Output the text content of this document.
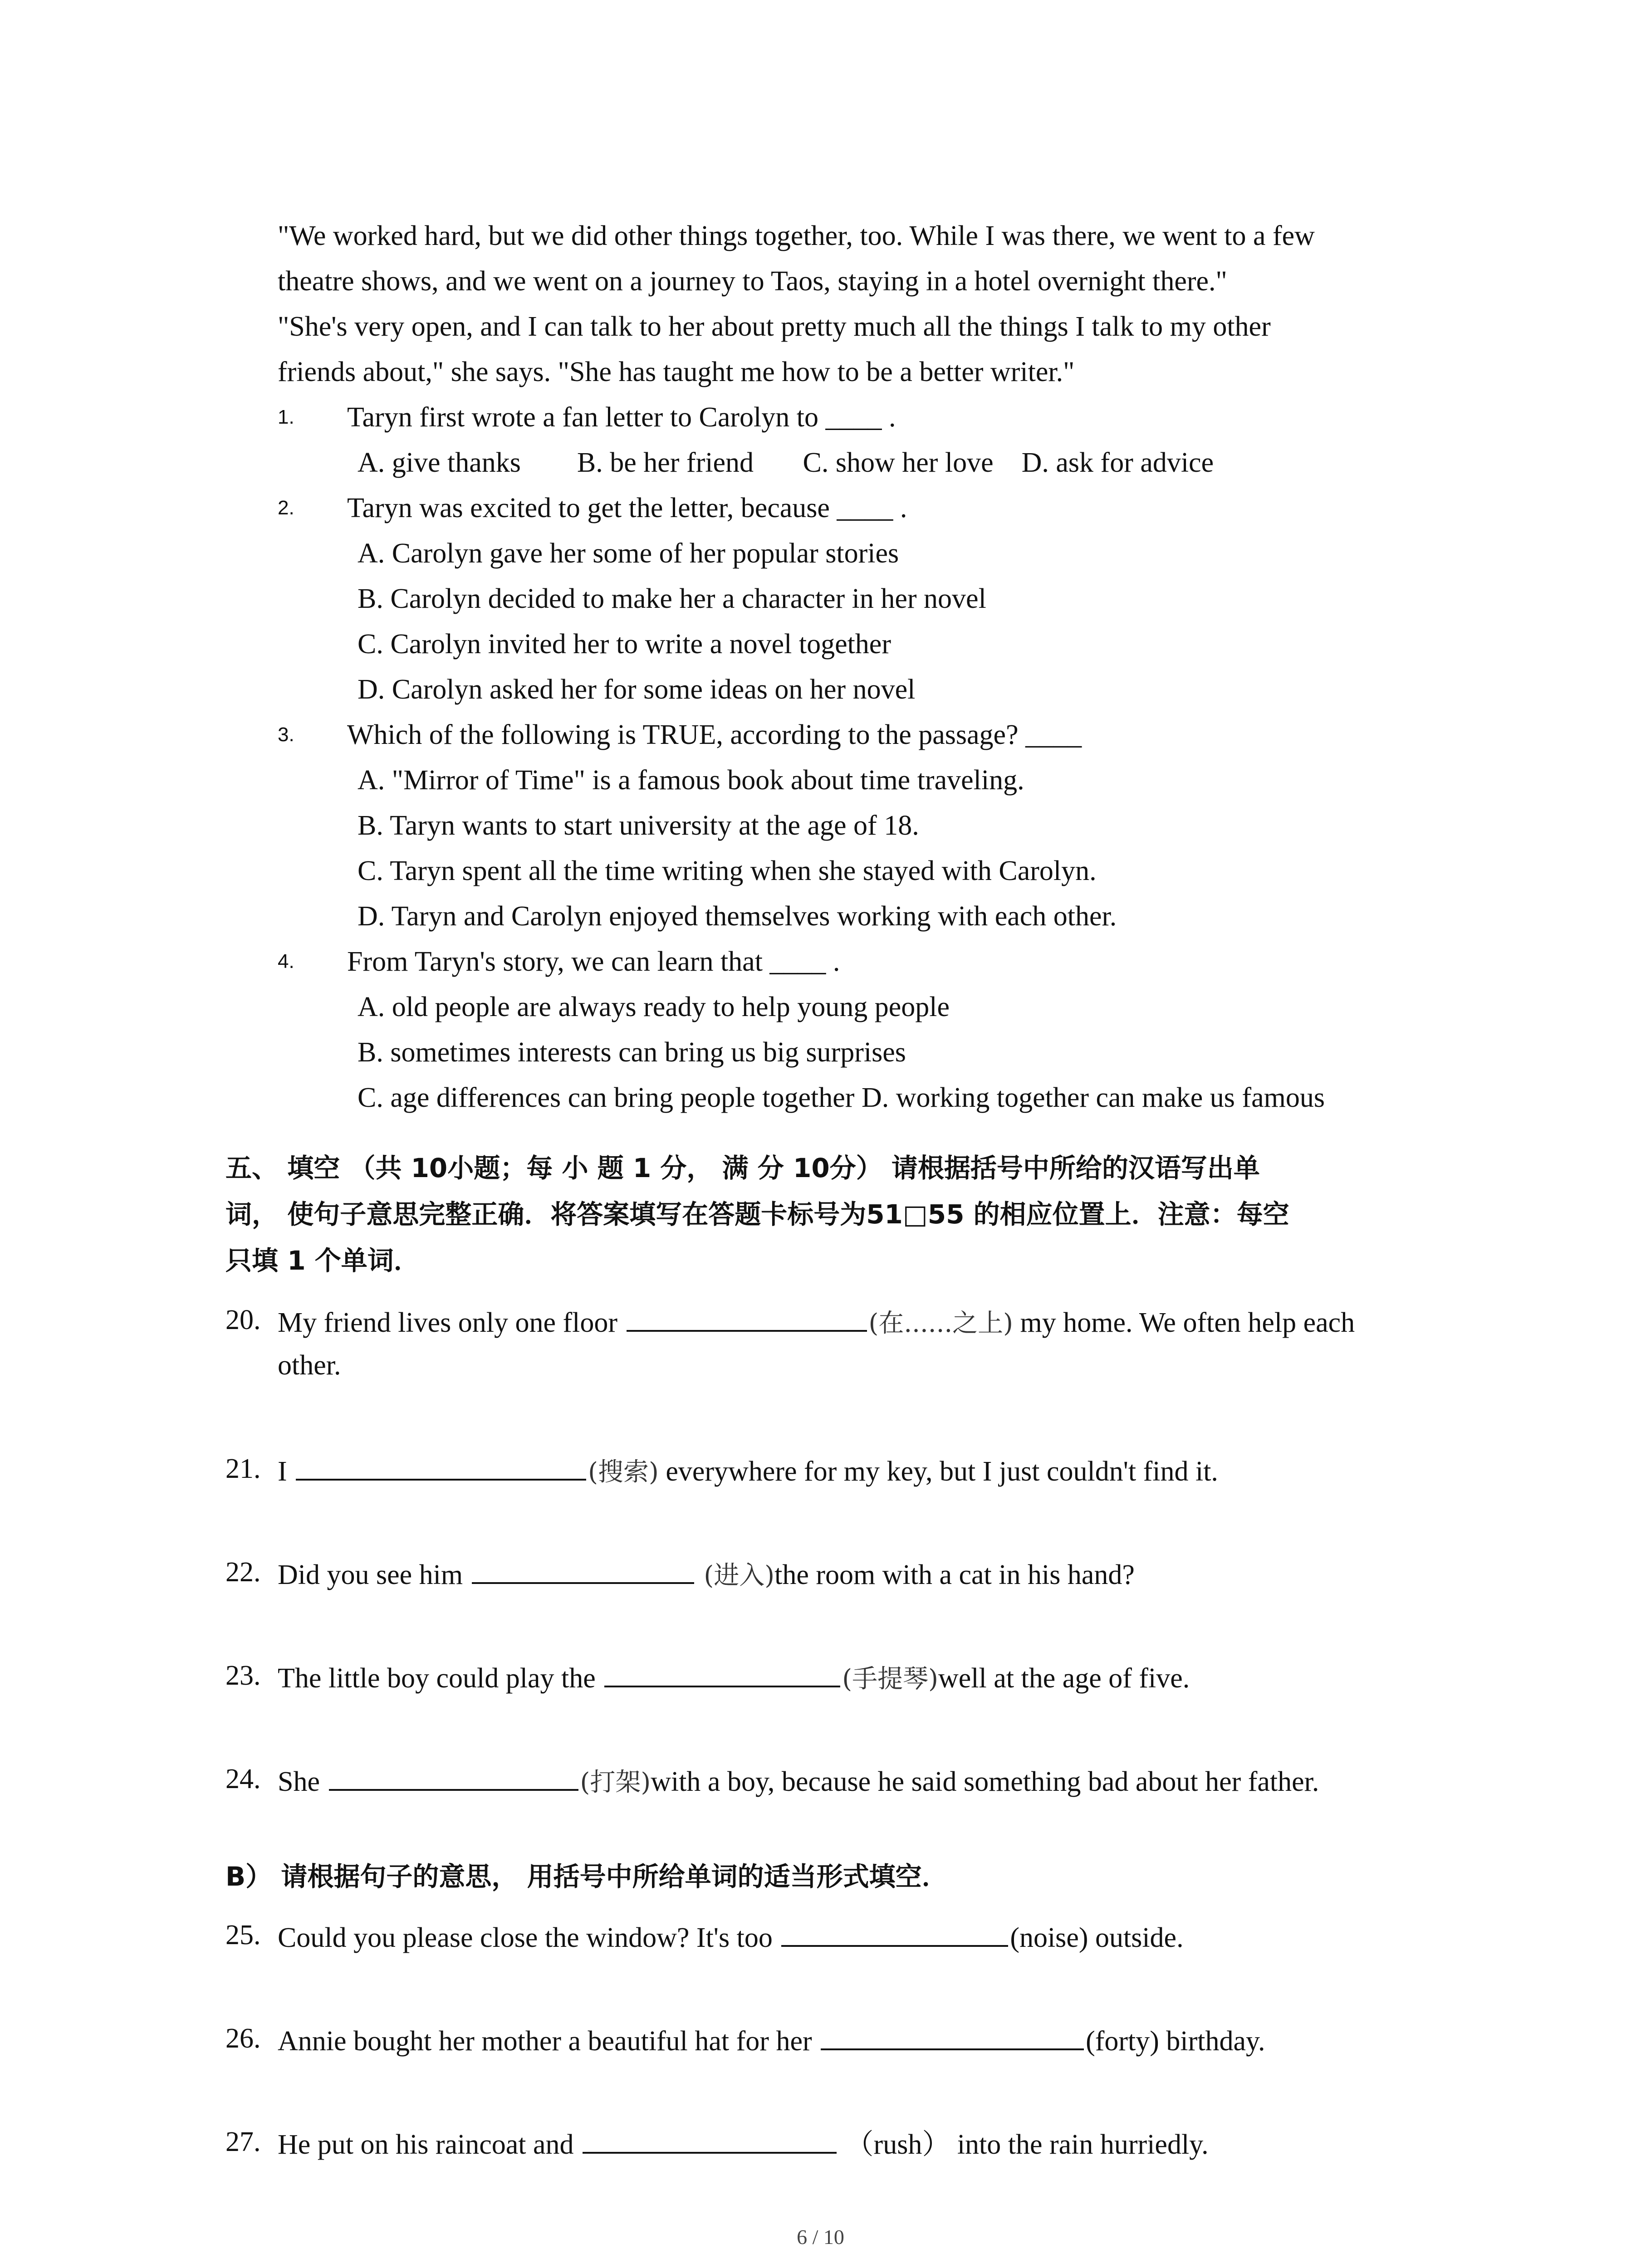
"We worked hard, but we did other things together, too. While I was there, we went to a few
theatre shows, and we went on a journey to Taos, staying in a hotel overnight there."
"She's very open, and I can talk to her about pretty much all the things I talk to my other
friends about," she says. "She has taught me how to be a better writer."
1. Taryn first wrote a fan letter to Carolyn to ____ .
A. give thanks        B. be her friend       C. show her love    D. ask for advice
2. Taryn was excited to get the letter, because ____ .
A. Carolyn gave her some of her popular stories
B. Carolyn decided to make her a character in her novel
C. Carolyn invited her to write a novel together
D. Carolyn asked her for some ideas on her novel
3. Which of the following is TRUE, according to the passage? ____
A. "Mirror of Time" is a famous book about time traveling.
B. Taryn wants to start university at the age of 18.
C. Taryn spent all the time writing when she stayed with Carolyn.
D. Taryn and Carolyn enjoyed themselves working with each other.
4. From Taryn's story, we can learn that ____ .
A. old people are always ready to help young people
B. sometimes interests can bring us big surprises
C. age differences can bring people together D. working together can make us famous
五、 填空 （共 10小题；每 小 题 1 分， 满 分 10分） 请根据括号中所给的汉语写出单
词， 使句子意思完整正确．将答案填写在答题卡标号为51□55 的相应位置上．注意：每空
只填 1 个单词．
20. My friend lives only one floor	(在......之上) my home. We often help each
other.
21. I	(搜索) everywhere for my key, but I just couldn't find it.
22. Did you see him	(进入)the room with a cat in his hand?
23. The little boy could play the	(手提琴)well at the age of five.
24. She	(打架)with a boy, because he said something bad about her father.
B） 请根据句子的意思， 用括号中所给单词的适当形式填空．
25. Could you please close the window? It's too	(noise) outside.
26. Annie bought her mother a beautiful hat for her	(forty) birthday.
27. He put on his raincoat and	（rush） into the rain hurriedly.
6 / 10
